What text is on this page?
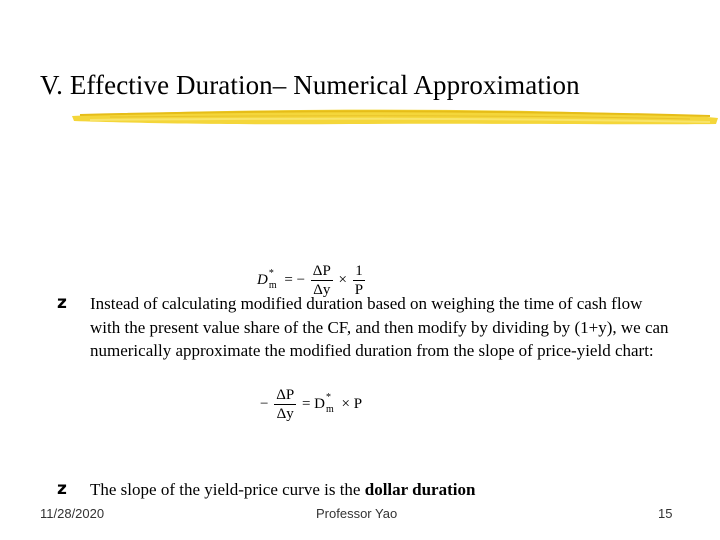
V. Effective Duration– Numerical Approximation
$D^*_m$ = − $\frac{\Delta P}{\Delta y} \times \frac{1}{P}$
z Instead of calculating modified duration based on weighing the time of cash flow with the present value share of the CF, and then modify by dividing by (1+y), we can numerically approximate the modified duration from the slope of price-yield chart:
− $\frac{\Delta P}{\Delta y} = D^*_m \times P$
z The slope of the yield-price curve is the dollar duration
11/28/2020	Professor Yao	15
